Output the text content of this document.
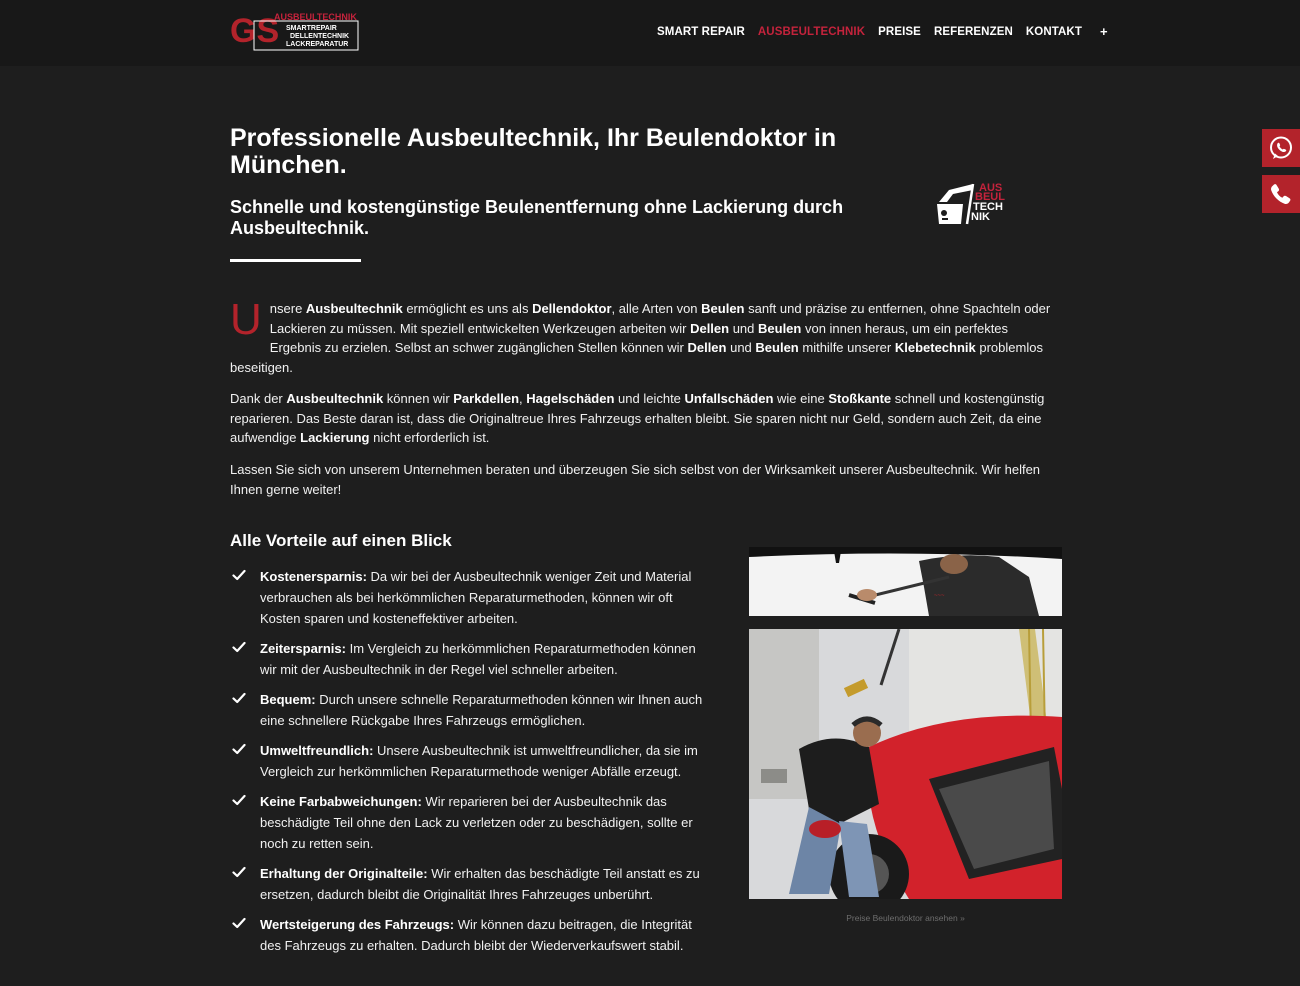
GS
AUSBEULTECHNIK
SMARTREPAIR
DELLENTECHNIK
LACKREPARATUR
SMART REPAIR AUSBEULTECHNIK PREISE REFERENZEN KONTAKT +
Professionelle Ausbeultechnik, Ihr Beulendoktor in München.
Schnelle und kostengünstige Beulenentfernung ohne Lackierung durch Ausbeultechnik.
AUS
BEUL
TECH
NIK

Unsere Ausbeultechnik ermöglicht es uns als Dellendoktor, alle Arten von Beulen sanft und präzise zu entfernen, ohne Spachteln oder Lackieren zu müssen. Mit speziell entwickelten Werkzeugen arbeiten wir Dellen und Beulen von innen heraus, um ein perfektes Ergebnis zu erzielen. Selbst an schwer zugänglichen Stellen können wir Dellen und Beulen mithilfe unserer Klebetechnik problemlos beseitigen.

Dank der Ausbeultechnik können wir Parkdellen, Hagelschäden und leichte Unfallschäden wie eine Stoßkante schnell und kostengünstig reparieren. Das Beste daran ist, dass die Originaltreue Ihres Fahrzeugs erhalten bleibt. Sie sparen nicht nur Geld, sondern auch Zeit, da eine aufwendige Lackierung nicht erforderlich ist.

Lassen Sie sich von unserem Unternehmen beraten und überzeugen Sie sich selbst von der Wirksamkeit unserer Ausbeultechnik. Wir helfen Ihnen gerne weiter!

Alle Vorteile auf einen Blick
Kostenersparnis: Da wir bei der Ausbeultechnik weniger Zeit und Material verbrauchen als bei herkömmlichen Reparaturmethoden, können wir oft Kosten sparen und kosteneffektiver arbeiten.
Zeitersparnis: Im Vergleich zu herkömmlichen Reparaturmethoden können wir mit der Ausbeultechnik in der Regel viel schneller arbeiten.
Bequem: Durch unsere schnelle Reparaturmethoden können wir Ihnen auch eine schnellere Rückgabe Ihres Fahrzeugs ermöglichen.
Umweltfreundlich: Unsere Ausbeultechnik ist umweltfreundlicher, da sie im Vergleich zur herkömmlichen Reparaturmethode weniger Abfälle erzeugt.
Keine Farbabweichungen: Wir reparieren bei der Ausbeultechnik das beschädigte Teil ohne den Lack zu verletzen oder zu beschädigen, sollte er noch zu retten sein.
Erhaltung der Originalteile: Wir erhalten das beschädigte Teil anstatt es zu ersetzen, dadurch bleibt die Originalität Ihres Fahrzeuges unberührt.
Wertsteigerung des Fahrzeugs: Wir können dazu beitragen, die Integrität des Fahrzeugs zu erhalten. Dadurch bleibt der Wiederverkaufswert stabil.
~~~
Preise Beulendoktor ansehen »
